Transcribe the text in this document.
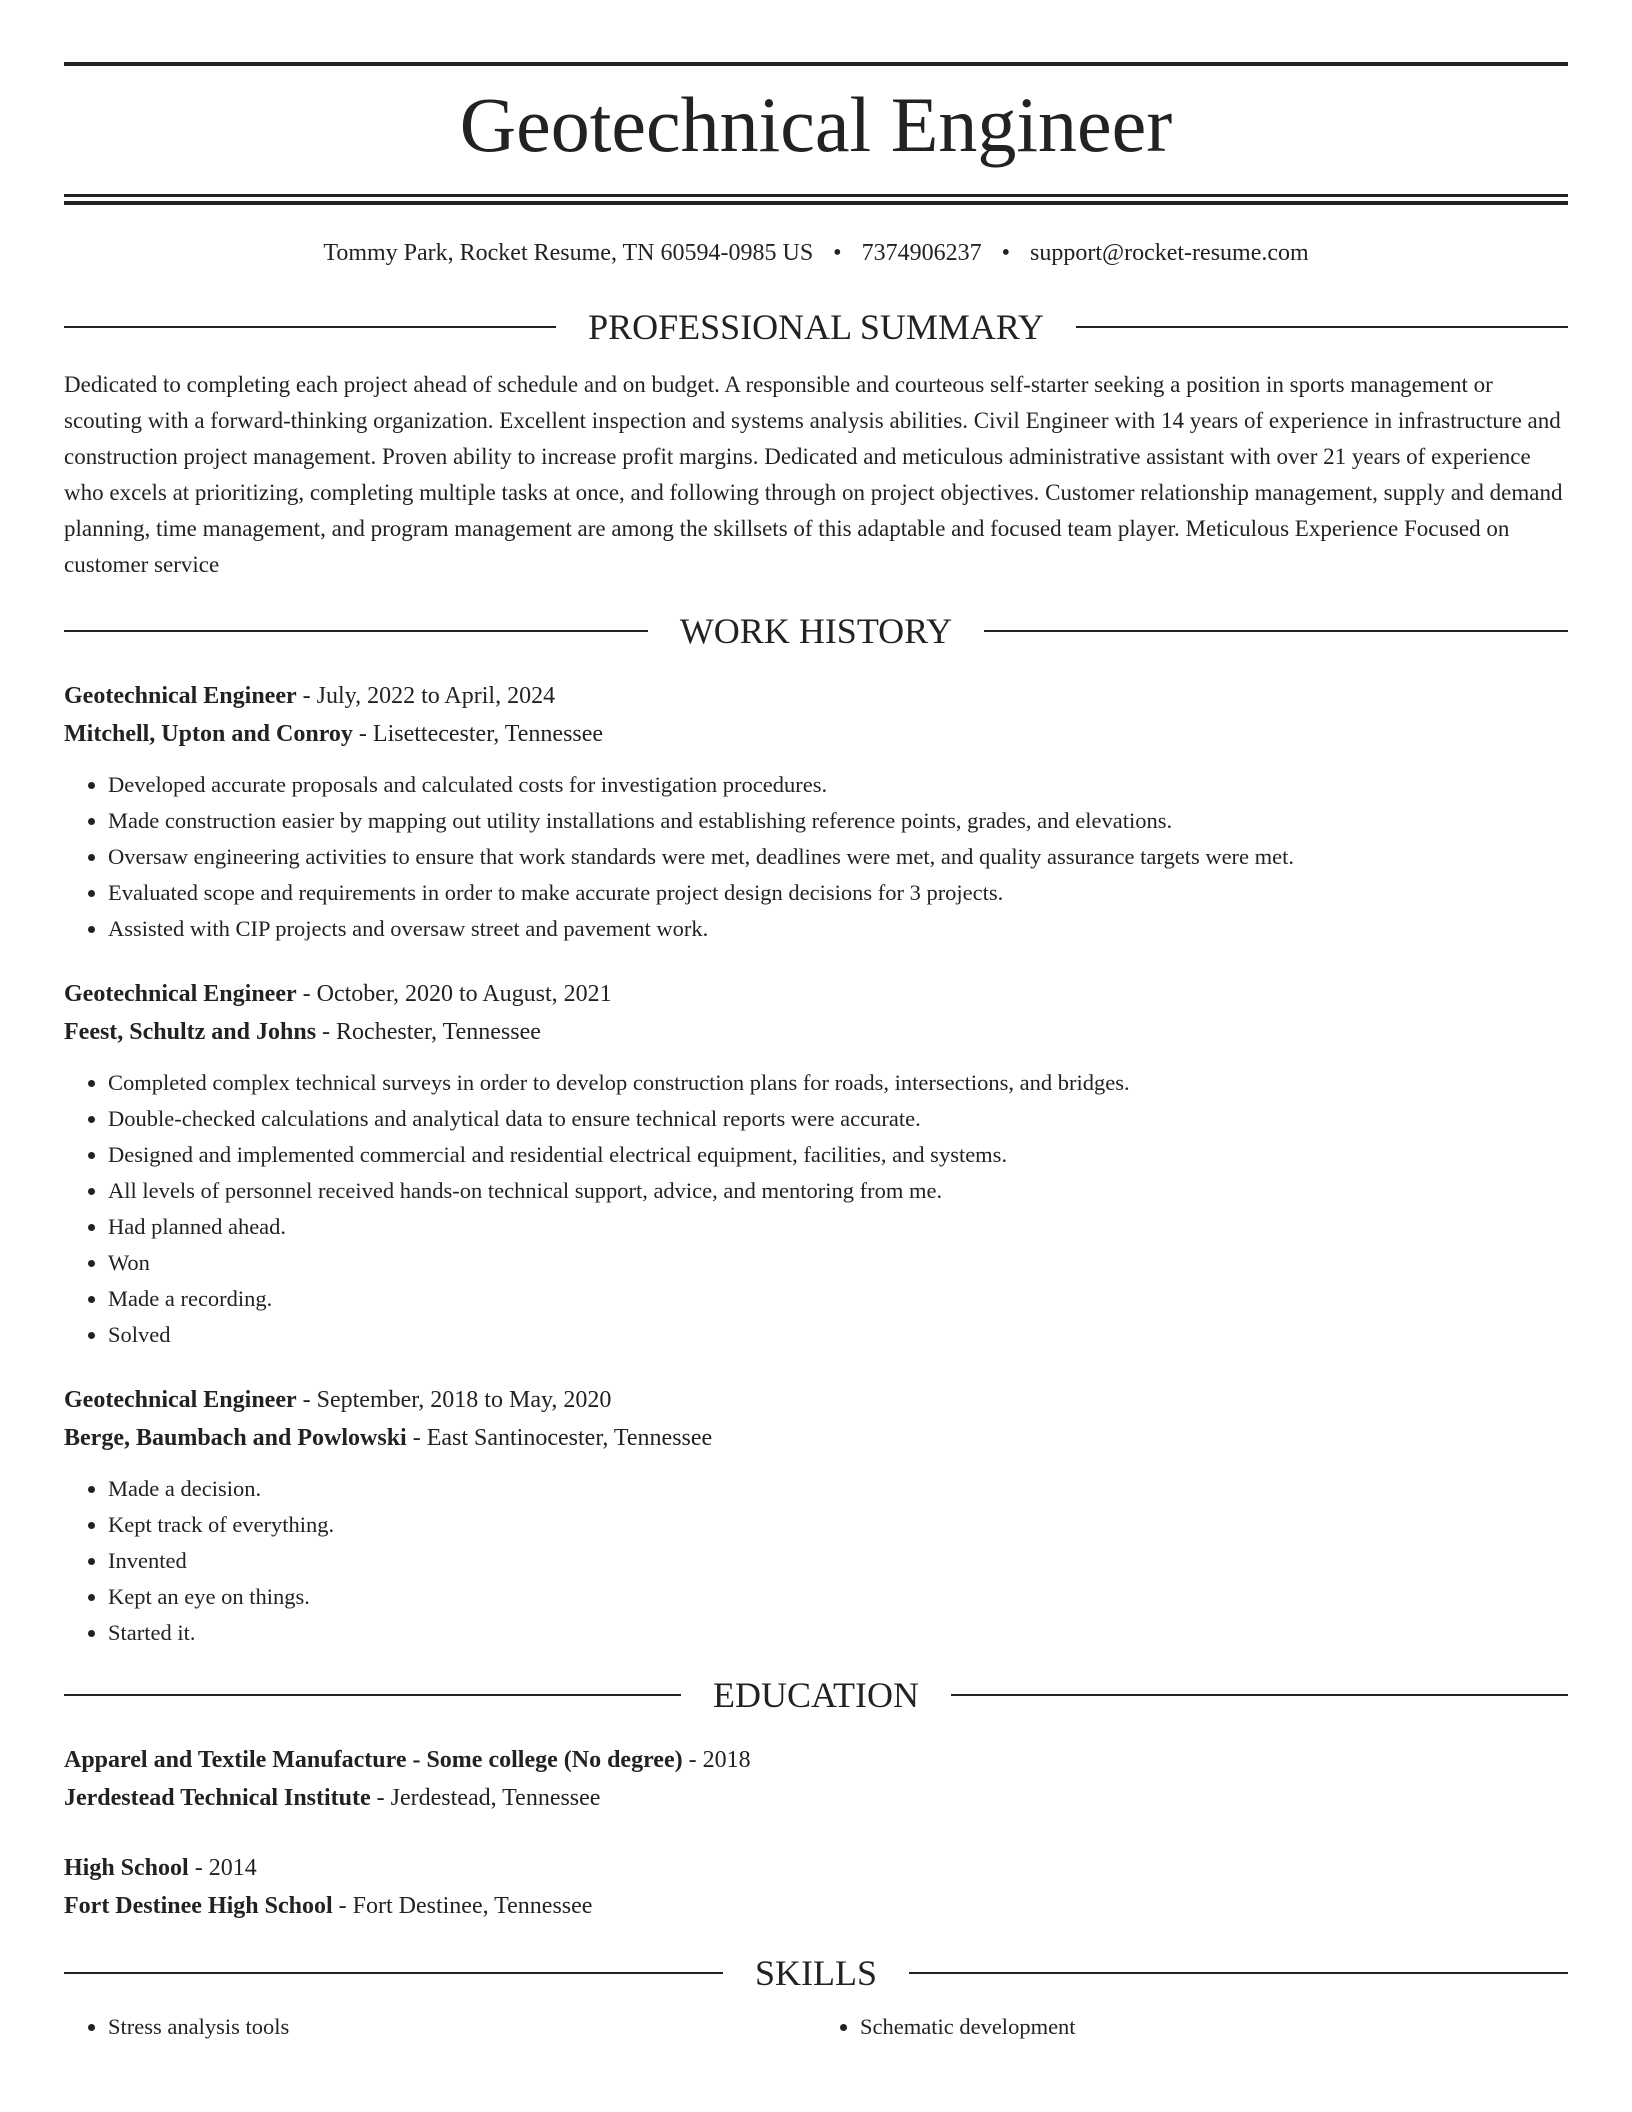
Geotechnical Engineer
Tommy Park, Rocket Resume, TN 60594-0985 US • 7374906237 • support@rocket-resume.com
PROFESSIONAL SUMMARY

Dedicated to completing each project ahead of schedule and on budget. A responsible and courteous self-starter seeking a position in sports management or scouting with a forward-thinking organization. Excellent inspection and systems analysis abilities. Civil Engineer with 14 years of experience in infrastructure and construction project management. Proven ability to increase profit margins. Dedicated and meticulous administrative assistant with over 21 years of experience who excels at prioritizing, completing multiple tasks at once, and following through on project objectives. Customer relationship management, supply and demand planning, time management, and program management are among the skillsets of this adaptable and focused team player. Meticulous Experience Focused on customer service

WORK HISTORY
Geotechnical Engineer - July, 2022 to April, 2024
Mitchell, Upton and Conroy - Lisettecester, Tennessee
• Developed accurate proposals and calculated costs for investigation procedures.
• Made construction easier by mapping out utility installations and establishing reference points, grades, and elevations.
• Oversaw engineering activities to ensure that work standards were met, deadlines were met, and quality assurance targets were met.
• Evaluated scope and requirements in order to make accurate project design decisions for 3 projects.
• Assisted with CIP projects and oversaw street and pavement work.
Geotechnical Engineer - October, 2020 to August, 2021
Feest, Schultz and Johns - Rochester, Tennessee
• Completed complex technical surveys in order to develop construction plans for roads, intersections, and bridges.
• Double-checked calculations and analytical data to ensure technical reports were accurate.
• Designed and implemented commercial and residential electrical equipment, facilities, and systems.
• All levels of personnel received hands-on technical support, advice, and mentoring from me.
• Had planned ahead.
• Won
• Made a recording.
• Solved
Geotechnical Engineer - September, 2018 to May, 2020
Berge, Baumbach and Powlowski - East Santinocester, Tennessee
• Made a decision.
• Kept track of everything.
• Invented
• Kept an eye on things.
• Started it.
EDUCATION
Apparel and Textile Manufacture - Some college (No degree) - 2018
Jerdestead Technical Institute - Jerdestead, Tennessee
High School - 2014
Fort Destinee High School - Fort Destinee, Tennessee
SKILLS
• Stress analysis tools
•	Schematic development
